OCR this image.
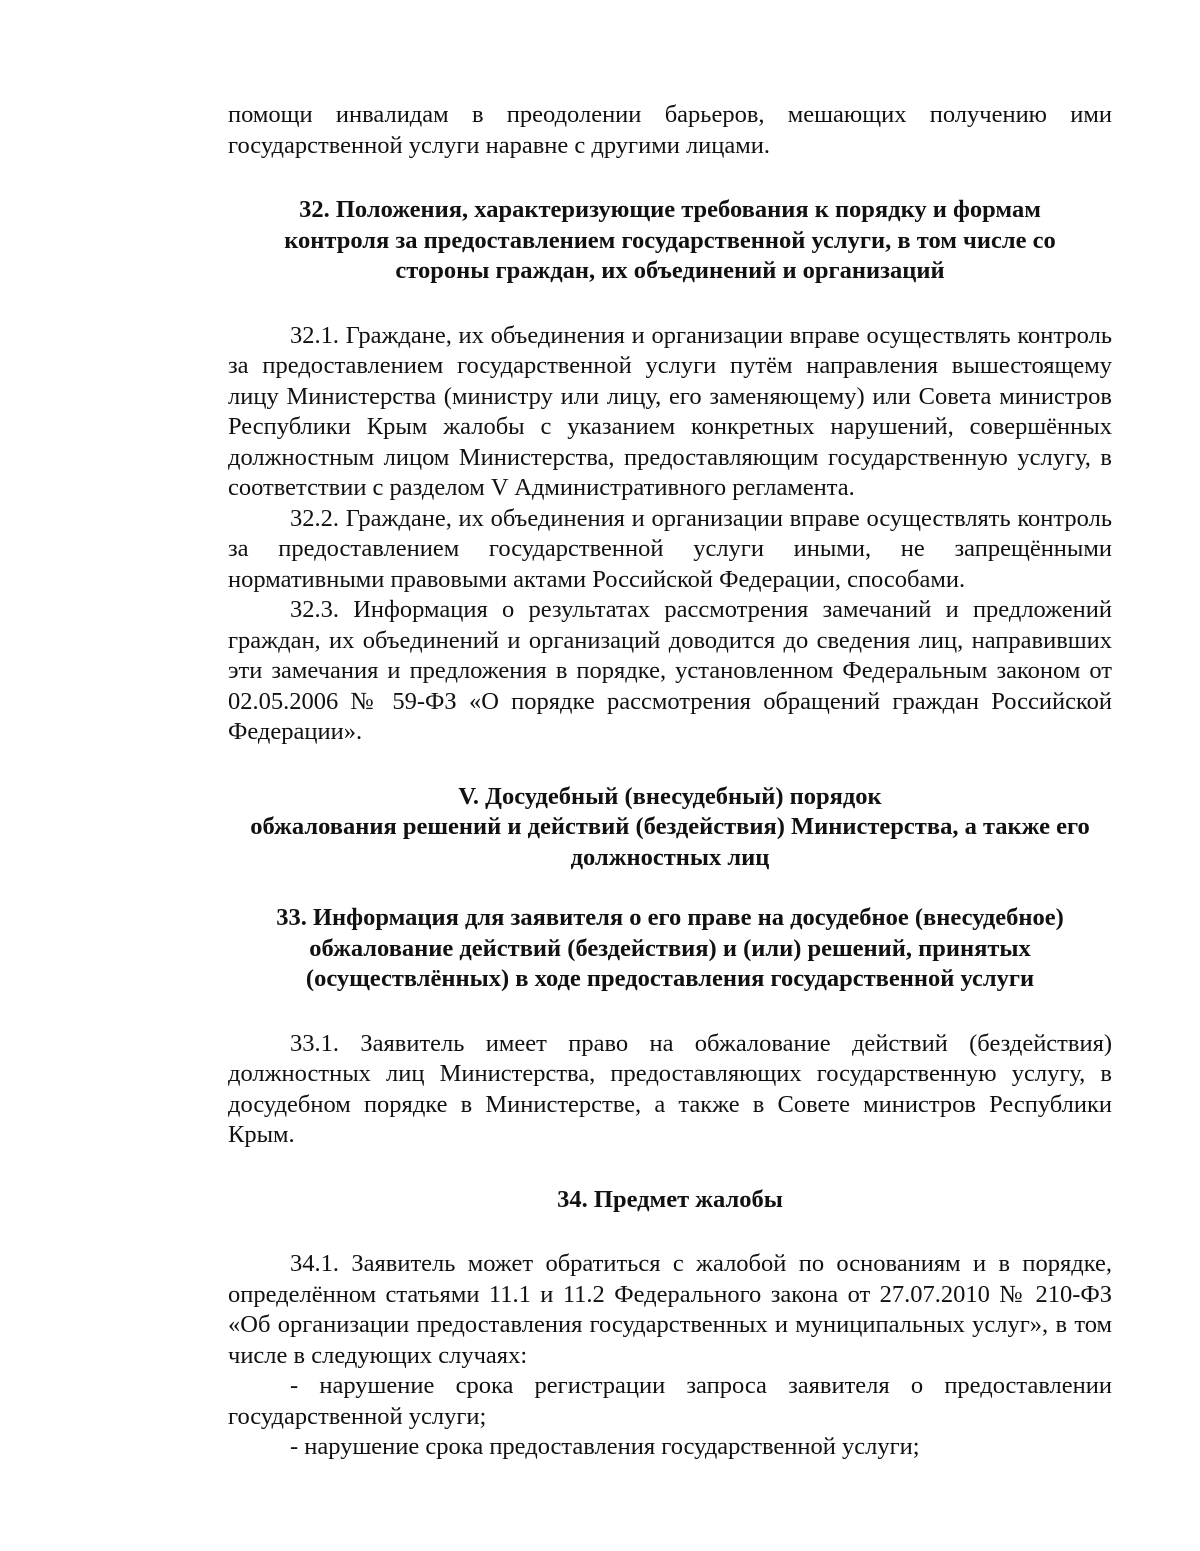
помощи инвалидам в преодолении барьеров, мешающих получению ими государственной услуги наравне с другими лицами.

32. Положения, характеризующие требования к порядку и формам
контроля за предоставлением государственной услуги, в том числе со
стороны граждан, их объединений и организаций

32.1. Граждане, их объединения и организации вправе осуществлять контроль за предоставлением государственной услуги путём направления вышестоящему лицу Министерства (министру или лицу, его заменяющему) или Совета министров Республики Крым жалобы с указанием конкретных нарушений, совершённых должностным лицом Министерства, предоставляющим государственную услугу, в соответствии с разделом V Административного регламента.

32.2. Граждане, их объединения и организации вправе осуществлять контроль за предоставлением государственной услуги иными, не запрещёнными нормативными правовыми актами Российской Федерации, способами.

32.3. Информация о результатах рассмотрения замечаний и предложений граждан, их объединений и организаций доводится до сведения лиц, направивших эти замечания и предложения в порядке, установленном Федеральным законом от 02.05.2006 № 59-ФЗ «О порядке рассмотрения обращений граждан Российской Федерации».

V. Досудебный (внесудебный) порядок
обжалования решений и действий (бездействия) Министерства, а также его
должностных лиц
33. Информация для заявителя о его праве на досудебное (внесудебное)
обжалование действий (бездействия) и (или) решений, принятых
(осуществлённых) в ходе предоставления государственной услуги

33.1. Заявитель имеет право на обжалование действий (бездействия) должностных лиц Министерства, предоставляющих государственную услугу, в досудебном порядке в Министерстве, а также в Совете министров Республики Крым.

34. Предмет жалобы

34.1. Заявитель может обратиться с жалобой по основаниям и в порядке, определённом статьями 11.1 и 11.2 Федерального закона от 27.07.2010 № 210-ФЗ «Об организации предоставления государственных и муниципальных услуг», в том числе в следующих случаях:

- нарушение срока регистрации запроса заявителя о предоставлении государственной услуги;

- нарушение срока предоставления государственной услуги;
